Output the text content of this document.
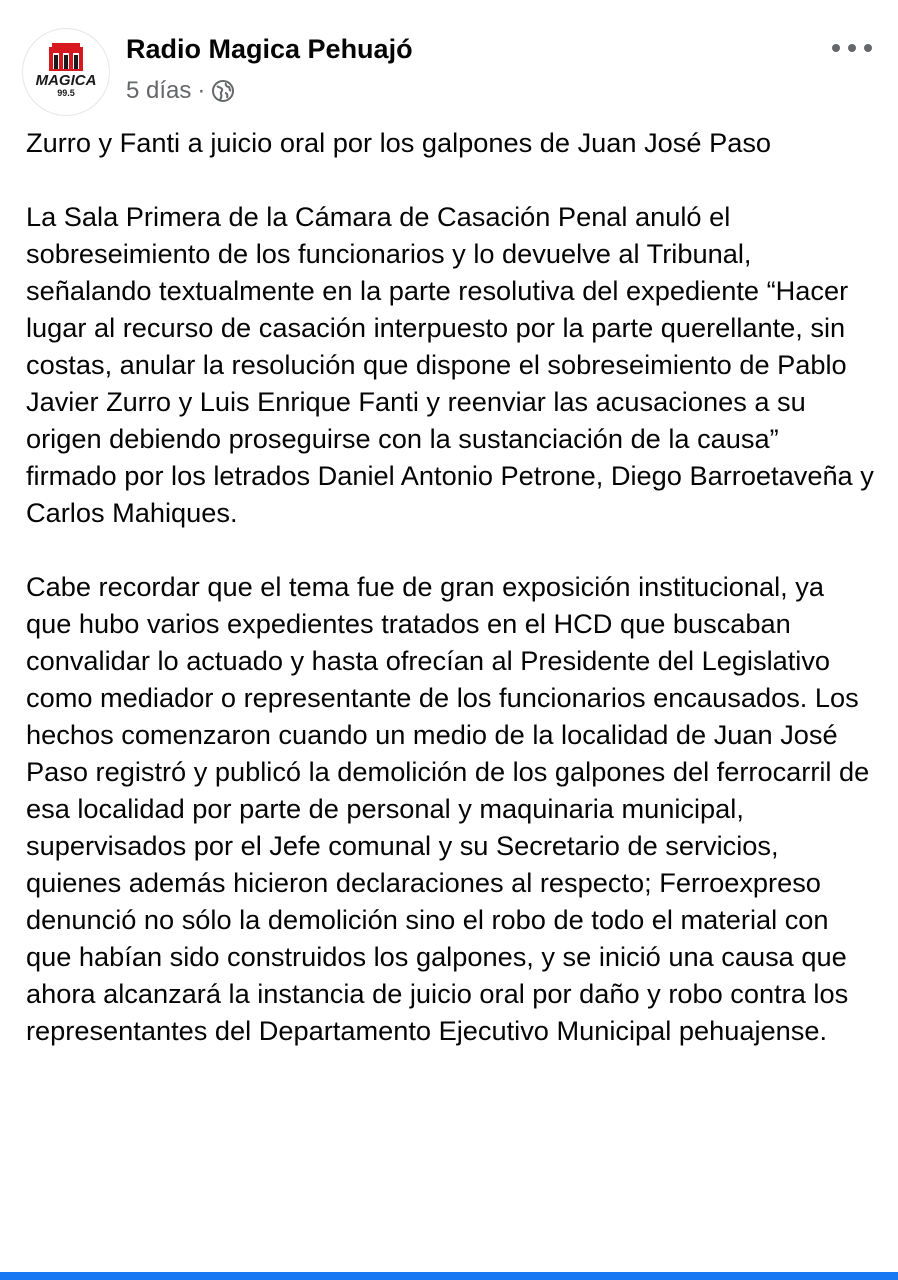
MAGICA
99.5
Radio Magica Pehuajó
5 días ·

Zurro y Fanti a juicio oral por los galpones de Juan José Paso

La Sala Primera de la Cámara de Casación Penal anuló el sobreseimiento de los funcionarios y lo devuelve al Tribunal, señalando textualmente en la parte resolutiva del expediente “Hacer lugar al recurso de casación interpuesto por la parte querellante, sin costas, anular la resolución que dispone el sobreseimiento de Pablo Javier Zurro y Luis Enrique Fanti y reenviar las acusaciones a su origen debiendo proseguirse con la sustanciación de la causa” firmado por los letrados Daniel Antonio Petrone, Diego Barroetaveña y Carlos Mahiques.

Cabe recordar que el tema fue de gran exposición institucional, ya que hubo varios expedientes tratados en el HCD que buscaban convalidar lo actuado y hasta ofrecían al Presidente del Legislativo como mediador o representante de los funcionarios encausados. Los hechos comenzaron cuando un medio de la localidad de Juan José Paso registró y publicó la demolición de los galpones del ferrocarril de esa localidad por parte de personal y maquinaria municipal, supervisados por el Jefe comunal y su Secretario de servicios, quienes además hicieron declaraciones al respecto; Ferroexpreso denunció no sólo la demolición sino el robo de todo el material con que habían sido construidos los galpones, y se inició una causa que ahora alcanzará la instancia de juicio oral por daño y robo contra los representantes del Departamento Ejecutivo Municipal pehuajense.
